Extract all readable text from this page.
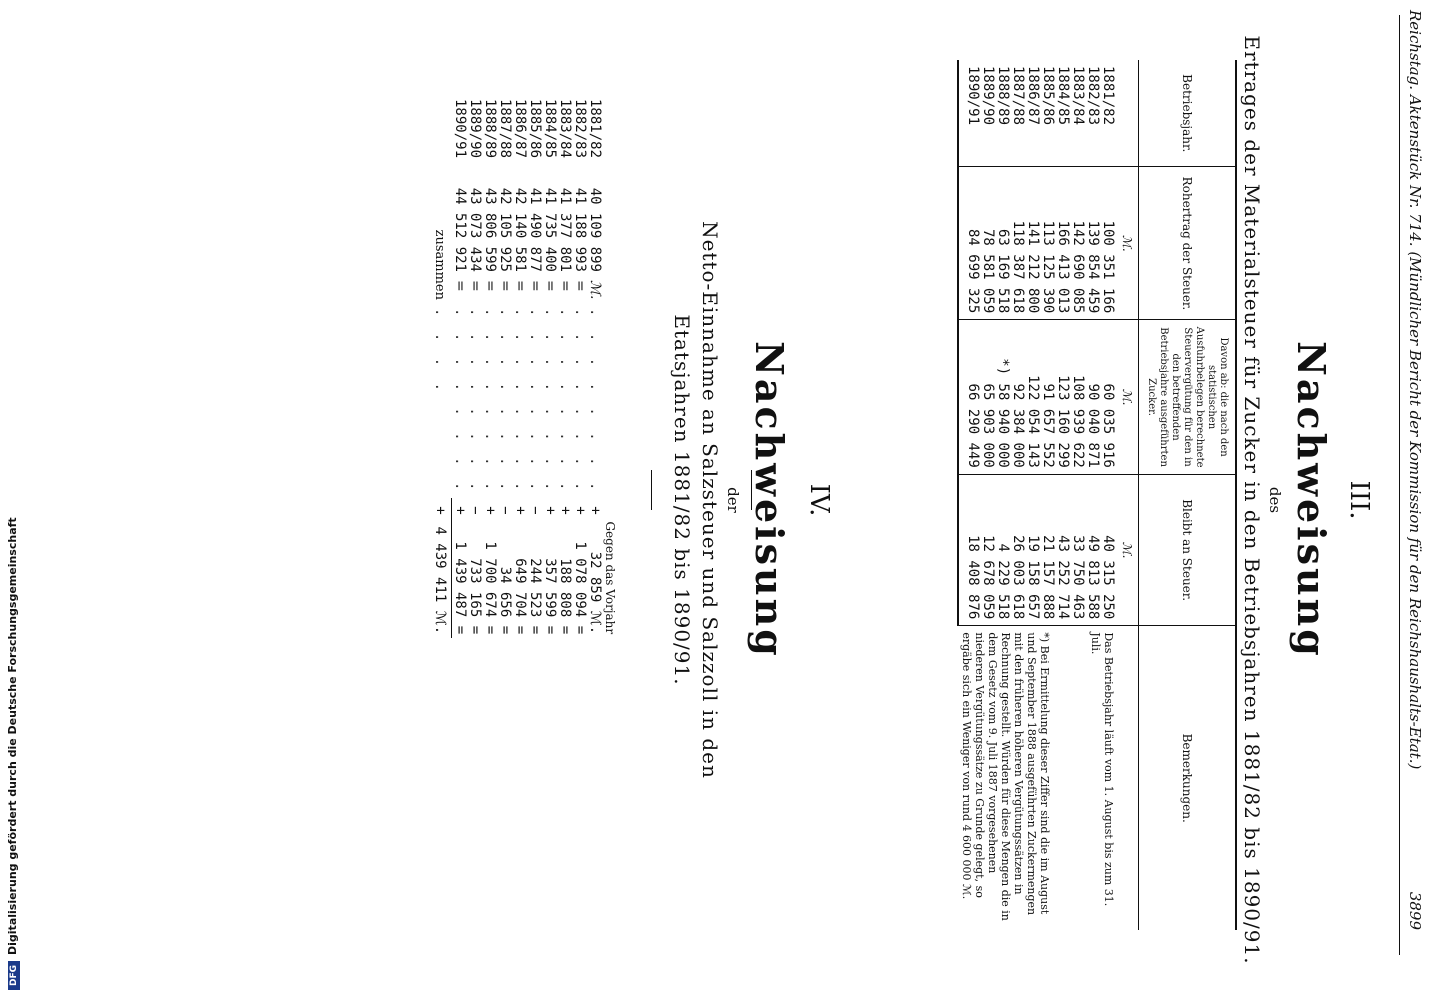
DFGDigitalisierung gefördert durch die Deutsche Forschungsgemeinschaft	Reichstag. Aktenstück Nr. 714. (Mündlicher Bericht der Kommission für den Reichshaushalts-Etat.)
3899
III.
Nachweisung
des
Ertrages der Materialsteuer für Zucker in den Betriebsjahren 1881/82 bis 1890/91.
Betriebsjahr.	Rohertrag der Steuer.	Davon ab: die nach den statistischen Ausfuhrbelegen berechnete Steuervergütung für den in den betreffenden Betriebsjahre ausgeführten Zucker.	Bleibt an Steuer.	Bemerkungen.
	ℳ.	ℳ.	ℳ.	
1881/82	100 351 166	60 035 916	40 315 250	Das Betriebsjahr läuft vom 1. August bis zum 31. Juli.
*) Bei Ermittelung dieser Ziffer sind die im August und September 1888 ausgeführten Zuckermengen mit den früheren höheren Vergütungssätzen in Rechnung gestellt. Würden für diese Mengen die in dem Gesetz vom 9. Juli 1887 vorgesehenen niederen Vergütungssätze zu Grunde gelegt, so ergäbe sich ein Weniger von rund 4 600 000 ℳ.

1882/83	139 854 459	90 040 871	49 813 588	
1883/84	142 690 085	108 939 622	33 750 463	
1884/85	166 413 013	123 160 299	43 252 714	
1885/86	113 125 390	91 657 552	21 157 888	
1886/87	141 212 800	122 054 143	19 158 657	
1887/88	118 387 618	92 384 000	26 003 618	
1888/89	63 169 518	*) 58 940 000	4 229 518	
1889/90	78 581 059	65 903 000	12 678 059	
1890/91	84 699 325	66 290 449	18 408 876	
IV.
Nachweisung
der
Netto-Einnahme an Salzsteuer und Salzzoll in den
Etatsjahren 1881/82 bis 1890/91.
Gegen das Vorjahr					
1881/82	40 109 899	ℳ.	. . . . . . . .	+	32 859 ℳ.
1882/83	41 188 993	=	. . . . . . . .	+	1 078 094 =
1883/84	41 377 801	=	. . . . . . . .	+	188 808 =
1884/85	41 735 400	=	. . . . . . . .	+	357 599 =
1885/86	41 490 877	=	. . . . . . . .	−	244 523 =
1886/87	42 140 581	=	. . . . . . . .	+	649 704 =
1887/88	42 105 925	=	. . . . . . . .	−	34 656 =
1888/89	43 806 599	=	. . . . . . . .	+	1 700 674 =
1889/90	43 073 434	=	. . . . . . . .	−	733 165 =
1890/91	44 512 921	=	. . . . . . . .	+	1 439 487 =
zusammen			. . . .	+	4 439 411 ℳ.
